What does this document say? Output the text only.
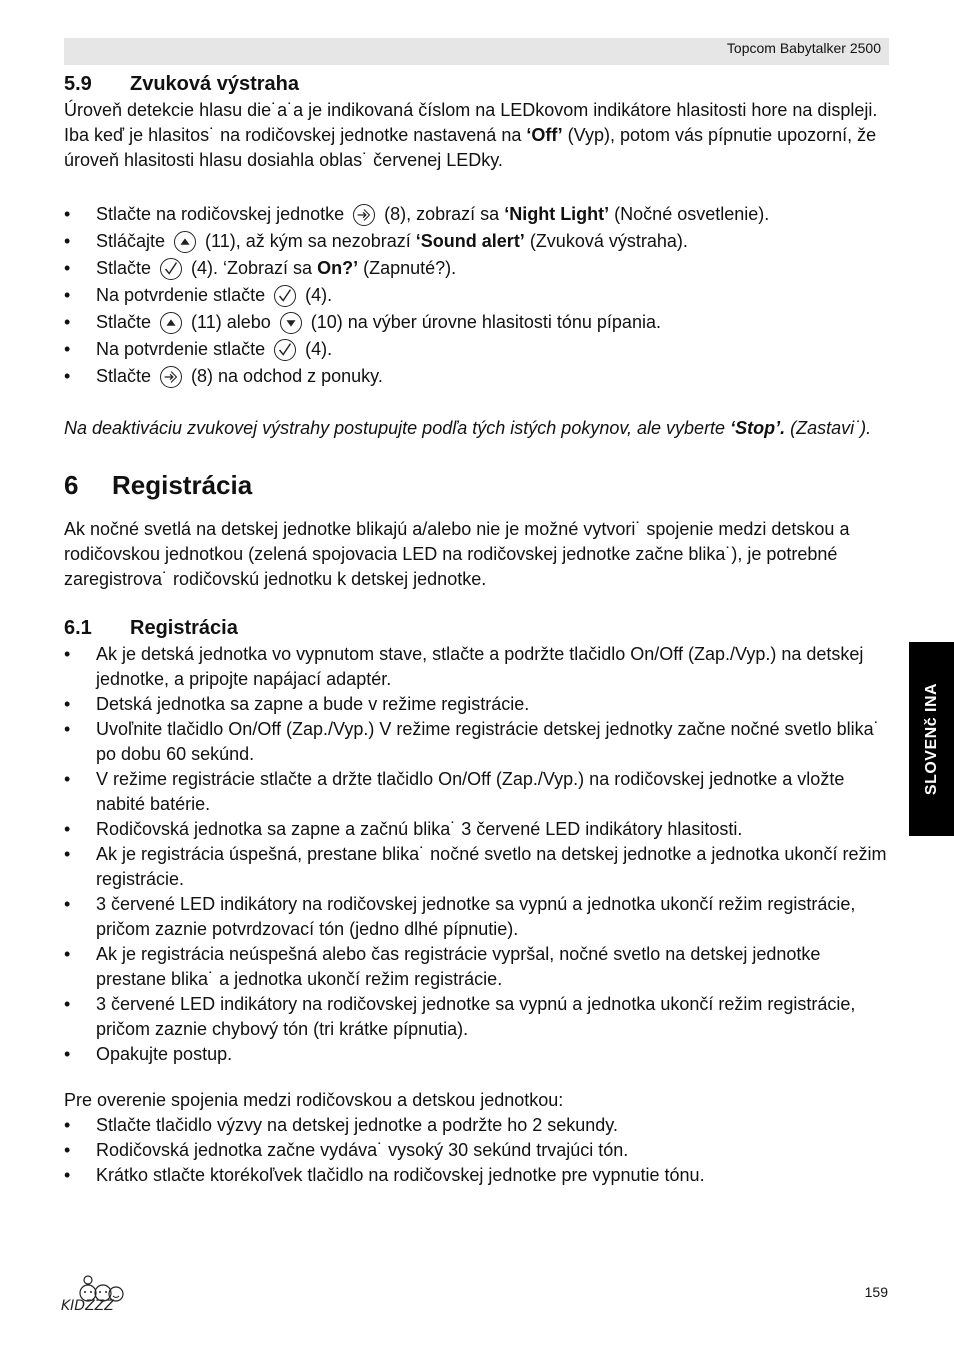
Topcom Babytalker 2500
5.9 Zvuková výstraha

Úroveň detekcie hlasu die˙a˙a je indikovaná číslom na LEDkovom indikátore hlasitosti hore na displeji.

Iba keď je hlasitos˙ na rodičovskej jednotke nastavená na ‘Off’ (Vyp), potom vás pípnutie upozorní, že úroveň hlasitosti hlasu dosiahla oblas˙ červenej LEDky.

• Stlačte na rodičovskej jednotke
(8), zobrazí sa ‘Night Light’ (Nočné osvetlenie).
• Stláčajte
(11), až kým sa nezobrazí ‘Sound alert’ (Zvuková výstraha).
• Stlačte
(4). ‘Zobrazí sa On?’ (Zapnuté?).
• Na potvrdenie stlačte
(4).
• Stlačte
(11) alebo
(10) na výber úrovne hlasitosti tónu pípania.
• Na potvrdenie stlačte
(4).
• Stlačte
(8) na odchod z ponuky.

Na deaktiváciu zvukovej výstrahy postupujte podľa tých istých pokynov, ale vyberte ‘Stop’. (Zastavi˙).

6 Registrácia

Ak nočné svetlá na detskej jednotke blikajú a/alebo nie je možné vytvori˙ spojenie medzi detskou a rodičovskou jednotkou (zelená spojovacia LED na rodičovskej jednotke začne blika˙), je potrebné zaregistrova˙ rodičovskú jednotku k detskej jednotke.

6.1 Registrácia
• Ak je detská jednotka vo vypnutom stave, stlačte a podržte tlačidlo On/Off (Zap./Vyp.) na detskej jednotke, a pripojte napájací adaptér.
• Detská jednotka sa zapne a bude v režime registrácie.
• Uvoľnite tlačidlo On/Off (Zap./Vyp.) V režime registrácie detskej jednotky začne nočné svetlo blika˙ po dobu 60 sekúnd.
• V režime registrácie stlačte a držte tlačidlo On/Off (Zap./Vyp.) na rodičovskej jednotke a vložte nabité batérie.
• Rodičovská jednotka sa zapne a začnú blika˙ 3 červené LED indikátory hlasitosti.
• Ak je registrácia úspešná, prestane blika˙ nočné svetlo na detskej jednotke a jednotka ukončí režim registrácie.
• 3 červené LED indikátory na rodičovskej jednotke sa vypnú a jednotka ukončí režim registrácie, pričom zaznie potvrdzovací tón (jedno dlhé pípnutie).
• Ak je registrácia neúspešná alebo čas registrácie vypršal, nočné svetlo na detskej jednotke prestane blika˙ a jednotka ukončí režim registrácie.
• 3 červené LED indikátory na rodičovskej jednotke sa vypnú a jednotka ukončí režim registrácie, pričom zaznie chybový tón (tri krátke pípnutia).
• Opakujte postup.

Pre overenie spojenia medzi rodičovskou a detskou jednotkou:

• Stlačte tlačidlo výzvy na detskej jednotke a podržte ho 2 sekundy.
• Rodičovská jednotka začne vydáva˙ vysoký 30 sekúnd trvajúci tón.
• Krátko stlačte ktorékoľvek tlačidlo na rodičovskej jednotke pre vypnutie tónu.
SLOVENč INA
KIDZZZ
159
